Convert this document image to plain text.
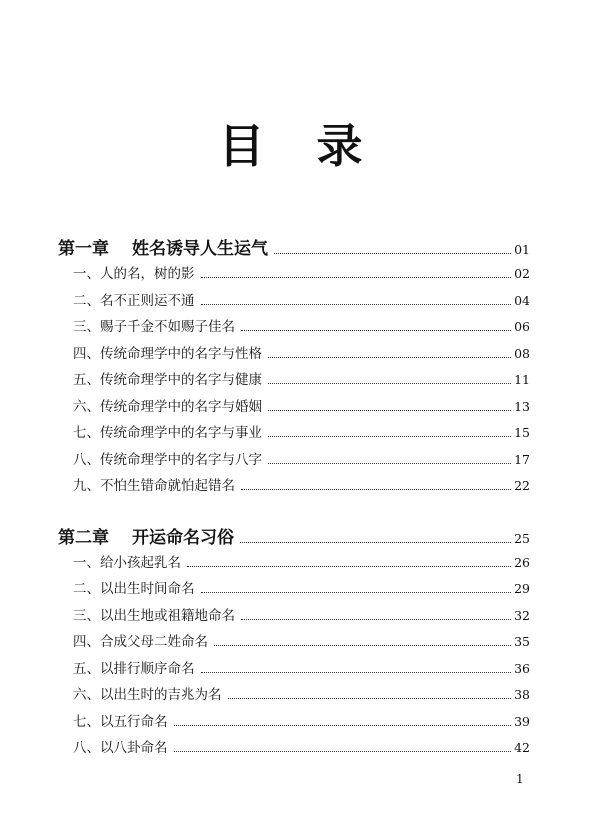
目 录
第一章	姓名诱导人生运气	01
一、人的名，树的影	02
二、名不正则运不通	04
三、赐子千金不如赐子佳名	06
四、传统命理学中的名字与性格	08
五、传统命理学中的名字与健康	11
六、传统命理学中的名字与婚姻	13
七、传统命理学中的名字与事业	15
八、传统命理学中的名字与八字	17
九、不怕生错命就怕起错名	22
第二章	开运命名习俗	25
一、给小孩起乳名	26
二、以出生时间命名	29
三、以出生地或祖籍地命名	32
四、合成父母二姓命名	35
五、以排行顺序命名	36
六、以出生时的吉兆为名	38
七、以五行命名	39
八、以八卦命名	42
1
